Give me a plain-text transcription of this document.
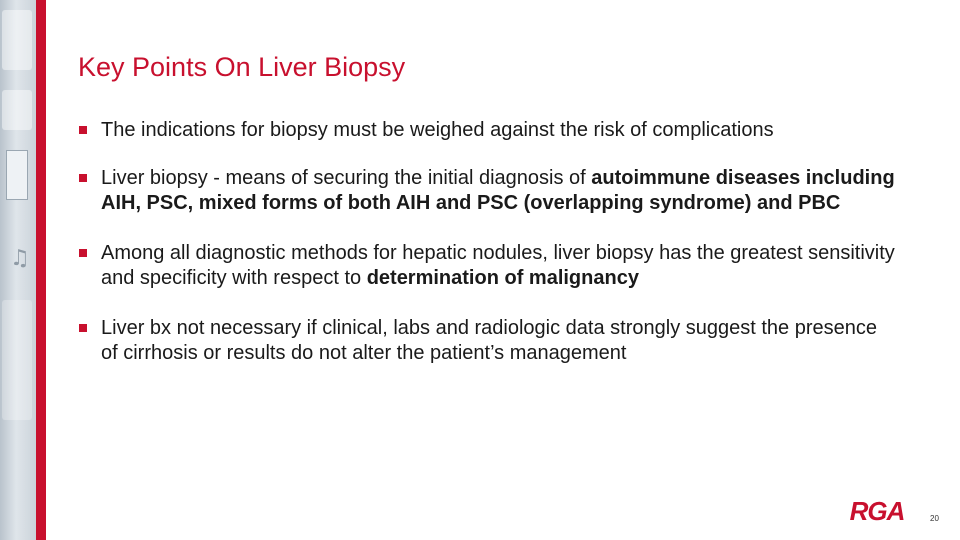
♫
Key Points On Liver Biopsy
The indications for biopsy must be weighed against the risk of complications
Liver biopsy - means of securing the initial diagnosis of autoimmune diseases including AIH, PSC, mixed forms of both AIH and PSC (overlapping syndrome) and PBC
Among all diagnostic methods for hepatic nodules, liver biopsy has the greatest sensitivity and specificity with respect to determination of malignancy
Liver bx not necessary if clinical, labs and radiologic data strongly suggest the presence of cirrhosis or results do not alter the patient’s management
RGA	20
